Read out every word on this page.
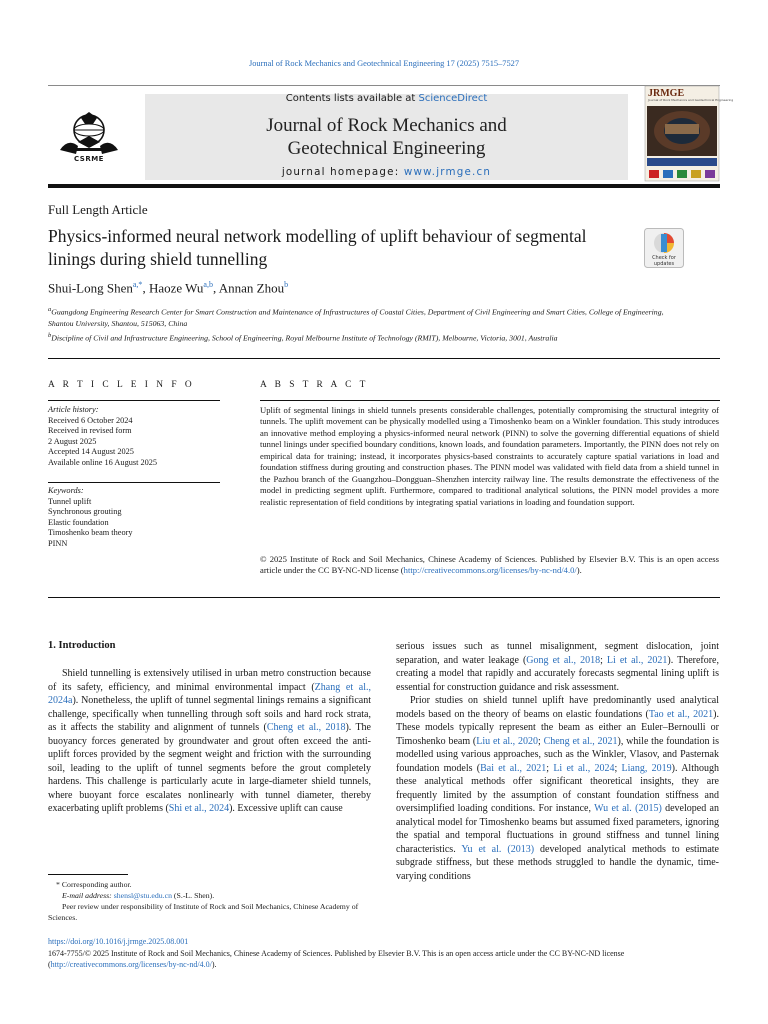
Journal of Rock Mechanics and Geotechnical Engineering 17 (2025) 7515–7527
Contents lists available at ScienceDirect
Journal of Rock Mechanics and
Geotechnical Engineering
journal homepage: www.jrmge.cn
CSRME
JRMGE
Journal of Rock Mechanics and Geotechnical Engineering
Full Length Article
Physics-informed neural network modelling of uplift behaviour of segmental linings during shield tunnelling	Check for updates
Shui-Long Shen$^{a,*}$, Haoze Wu$^{a,b}$, Annan Zhou$^b$
$^a$Guangdong Engineering Research Center for Smart Construction and Maintenance of Infrastructures of Coastal Cities, Department of Civil Engineering and Smart Cities, College of Engineering, Shantou University, Shantou, 515063, China
$^b$Discipline of Civil and Infrastructure Engineering, School of Engineering, Royal Melbourne Institute of Technology (RMIT), Melbourne, Victoria, 3001, Australia
A R T I C L E I N F O
Article history:
Received 6 October 2024
Received in revised form
2 August 2025
Accepted 14 August 2025
Available online 16 August 2025
Keywords:
Tunnel uplift
Synchronous grouting
Elastic foundation
Timoshenko beam theory
PINN
A B S T R A C T
Uplift of segmental linings in shield tunnels presents considerable challenges, potentially compromising the structural integrity of tunnels. The uplift movement can be physically modelled using a Timoshenko beam on a Winkler foundation. This study introduces an innovative method employing a physics-informed neural network (PINN) to solve the governing differential equations of shield tunnel linings under specified boundary conditions, known loads, and foundation parameters. Importantly, the PINN does not rely on empirical data for training; instead, it incorporates physics-based constraints to accurately capture spatial variations in load and foundation stiffness during grouting and construction phases. The PINN model was validated with field data from a shield tunnel in the Pazhou branch of the Guangzhou–Dongguan–Shenzhen intercity railway line. The results demonstrate the effectiveness of the model in predicting segment uplift. Furthermore, compared to traditional analytical solutions, the PINN model provides a more realistic representation of field conditions by integrating spatial variations in loading and foundation support.
© 2025 Institute of Rock and Soil Mechanics, Chinese Academy of Sciences. Published by Elsevier B.V. This is an open access article under the CC BY-NC-ND license (http://creativecommons.org/licenses/by-nc-nd/4.0/).
1. Introduction

Shield tunnelling is extensively utilised in urban metro construction because of its safety, efficiency, and minimal environmental impact (Zhang et al., 2024a). Nonetheless, the uplift of tunnel segmental linings remains a significant challenge, specifically when tunnelling through soft soils and hard rock strata, as it affects the stability and alignment of tunnels (Cheng et al., 2018). The buoyancy forces generated by groundwater and grout often exceed the anti-uplift forces provided by the segment weight and friction with the surrounding soil, leading to the uplift of tunnel segments before the grout completely hardens. This challenge is particularly acute in large-diameter shield tunnels, where buoyant force escalates nonlinearly with tunnel diameter, thereby exacerbating uplift problems (Shi et al., 2024). Excessive uplift can cause

serious issues such as tunnel misalignment, segment dislocation, joint separation, and water leakage (Gong et al., 2018; Li et al., 2021). Therefore, creating a model that rapidly and accurately forecasts segmental lining uplift is essential for construction guidance and risk assessment.

Prior studies on shield tunnel uplift have predominantly used analytical models based on the theory of beams on elastic foundations (Tao et al., 2021). These models typically represent the beam as either an Euler–Bernoulli or Timoshenko beam (Liu et al., 2020; Cheng et al., 2021), while the foundation is modelled using various approaches, such as the Winkler, Vlasov, and Pasternak foundation models (Bai et al., 2021; Li et al., 2024; Liang, 2019). Although these analytical methods offer significant theoretical insights, they are frequently limited by the assumption of constant foundation stiffness and oversimplified loading conditions. For instance, Wu et al. (2015) developed an analytical model for Timoshenko beams but assumed fixed parameters, ignoring the spatial and temporal fluctuations in ground stiffness and tunnel lining characteristics. Yu et al. (2013) developed analytical methods to estimate subgrade stiffness, but these methods struggled to handle the dynamic, time-varying conditions

* Corresponding author.
E-mail address: shensl@stu.edu.cn (S.-L. Shen).
Peer review under responsibility of Institute of Rock and Soil Mechanics, Chinese Academy of Sciences.
https://doi.org/10.1016/j.jrmge.2025.08.001
1674-7755/© 2025 Institute of Rock and Soil Mechanics, Chinese Academy of Sciences. Published by Elsevier B.V. This is an open access article under the CC BY-NC-ND license (http://creativecommons.org/licenses/by-nc-nd/4.0/).
